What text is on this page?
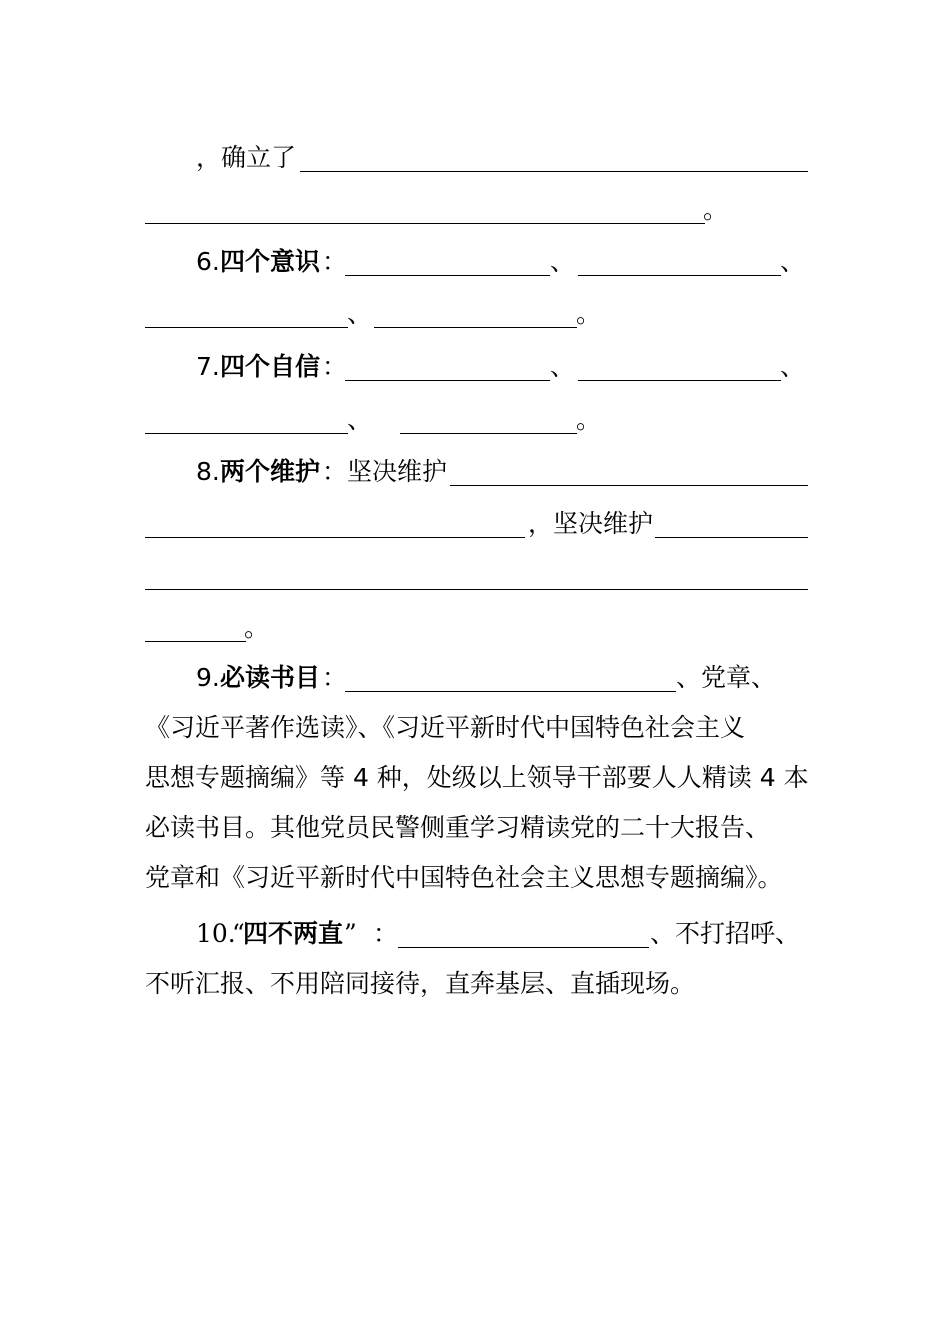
，确立了
。
6. 四个意识 ：	、	、
、	。
7. 四个自信 ：	、	、
、	。
8. 两个维护 ： 坚决维护
，坚决维护
。
9. 必读书目 ：	、党章、
《习近平著作选读》、《习近平新时代中国特色社会主义
思想专题摘编》等 4 种，处级以上领导干部要人人精读 4 本
必读书目。其他党员民警侧重学习精读党的二十大报告、
党章和《习近平新时代中国特色社会主义思想专题摘编》。
10.
“
四不两直 ” ：	、不打招呼、
不听汇报、不用陪同接待，直奔基层、直插现场。
